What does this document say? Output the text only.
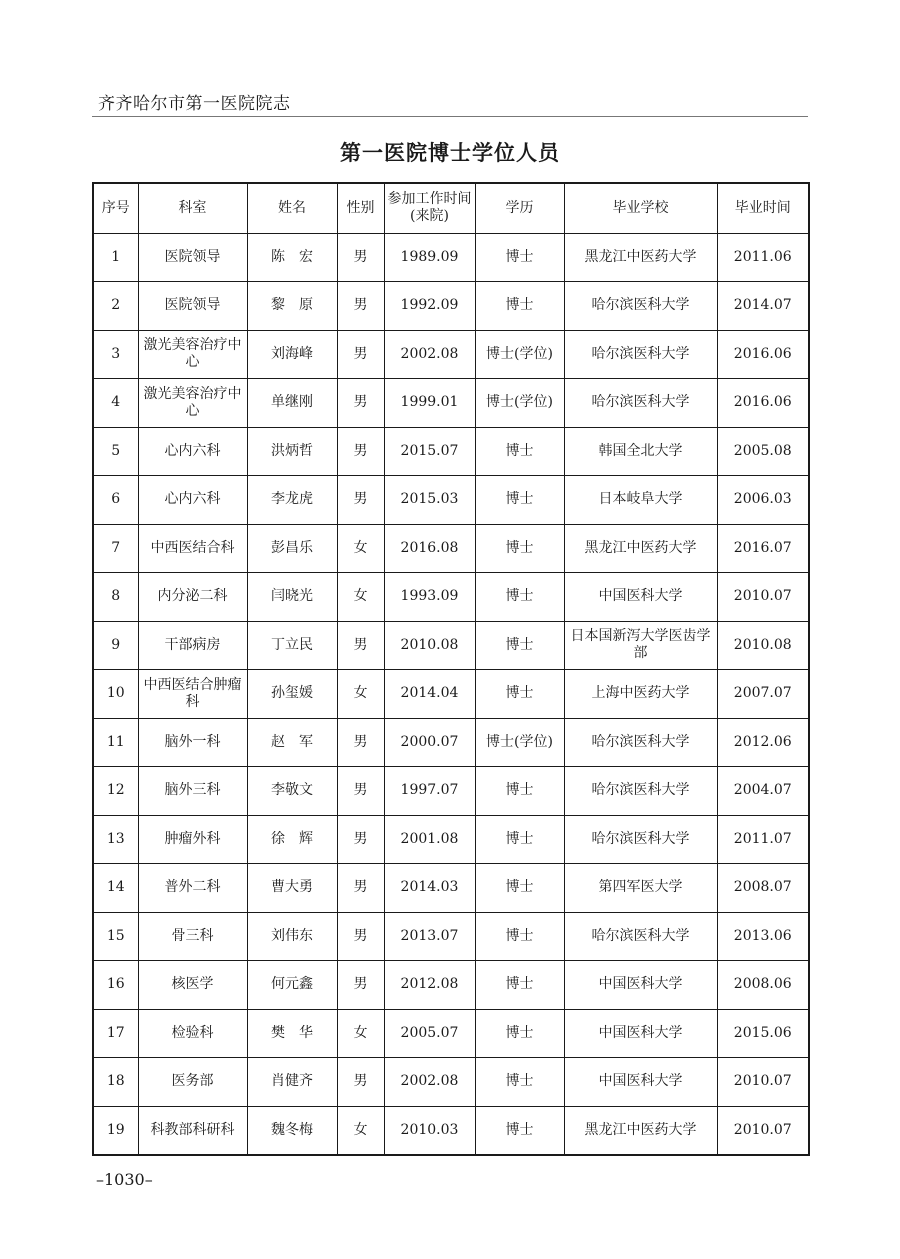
齐齐哈尔市第一医院院志
第一医院博士学位人员
序号	科室	姓名	性别	参加工作时间(来院)	学历	毕业学校	毕业时间
1	医院领导	陈　宏	男	1989.09	博士	黑龙江中医药大学	2011.06
2	医院领导	黎　原	男	1992.09	博士	哈尔滨医科大学	2014.07
3	激光美容治疗中心	刘海峰	男	2002.08	博士(学位)	哈尔滨医科大学	2016.06
4	激光美容治疗中心	单继刚	男	1999.01	博士(学位)	哈尔滨医科大学	2016.06
5	心内六科	洪炳哲	男	2015.07	博士	韩国全北大学	2005.08
6	心内六科	李龙虎	男	2015.03	博士	日本岐阜大学	2006.03
7	中西医结合科	彭昌乐	女	2016.08	博士	黑龙江中医药大学	2016.07
8	内分泌二科	闫晓光	女	1993.09	博士	中国医科大学	2010.07
9	干部病房	丁立民	男	2010.08	博士	日本国新泻大学医齿学部	2010.08
10	中西医结合肿瘤科	孙玺媛	女	2014.04	博士	上海中医药大学	2007.07
11	脑外一科	赵　军	男	2000.07	博士(学位)	哈尔滨医科大学	2012.06
12	脑外三科	李敬文	男	1997.07	博士	哈尔滨医科大学	2004.07
13	肿瘤外科	徐　辉	男	2001.08	博士	哈尔滨医科大学	2011.07
14	普外二科	曹大勇	男	2014.03	博士	第四军医大学	2008.07
15	骨三科	刘伟东	男	2013.07	博士	哈尔滨医科大学	2013.06
16	核医学	何元鑫	男	2012.08	博士	中国医科大学	2008.06
17	检验科	樊　华	女	2005.07	博士	中国医科大学	2015.06
18	医务部	肖健齐	男	2002.08	博士	中国医科大学	2010.07
19	科教部科研科	魏冬梅	女	2010.03	博士	黑龙江中医药大学	2010.07
–1030–
